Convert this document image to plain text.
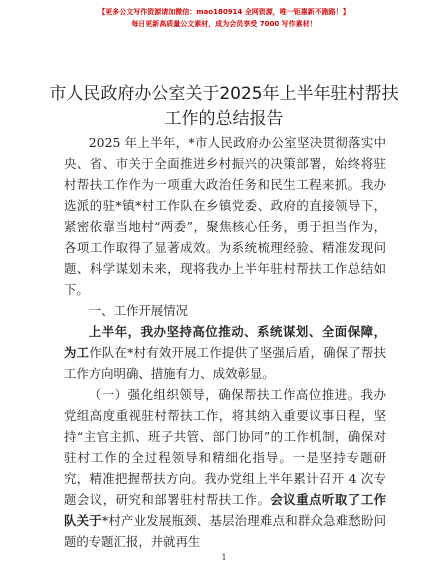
【更多公文写作资源请加微信：mao180914 全网资源，唯一钜惠新不跑路！】
每日更新高质量公文素材，成为会员享受 7000 写作素材！
市人民政府办公室关于2025年上半年驻村帮扶
工作的总结报告

2025 年上半年，*市人民政府办公室坚决贯彻落实中央、省、市关于全面推进乡村振兴的决策部署，始终将驻村帮扶工作作为一项重大政治任务和民生工程来抓。我办选派的驻*镇*村工作队在乡镇党委、政府的直接领导下，紧密依靠当地村“两委”，聚焦核心任务，勇于担当作为，各项工作取得了显著成效。为系统梳理经验、精准发现问题、科学谋划未来，现将我办上半年驻村帮扶工作总结如下。

一、工作开展情况

上半年，我办坚持高位推动、系统谋划、全面保障，为工作队在*村有效开展工作提供了坚强后盾，确保了帮扶工作方向明确、措施有力、成效彰显。

（一）强化组织领导，确保帮扶工作高位推进。我办党组高度重视驻村帮扶工作，将其纳入重要议事日程，坚持“主官主抓、班子共管、部门协同”的工作机制，确保对驻村工作的全过程领导和精细化指导。一是坚持专题研究，精准把握帮扶方向。我办党组上半年累计召开 4 次专题会议，研究和部署驻村帮扶工作。会议重点听取了工作队关于*村产业发展瓶颈、基层治理难点和群众急难愁盼问题的专题汇报，并就再生

1
